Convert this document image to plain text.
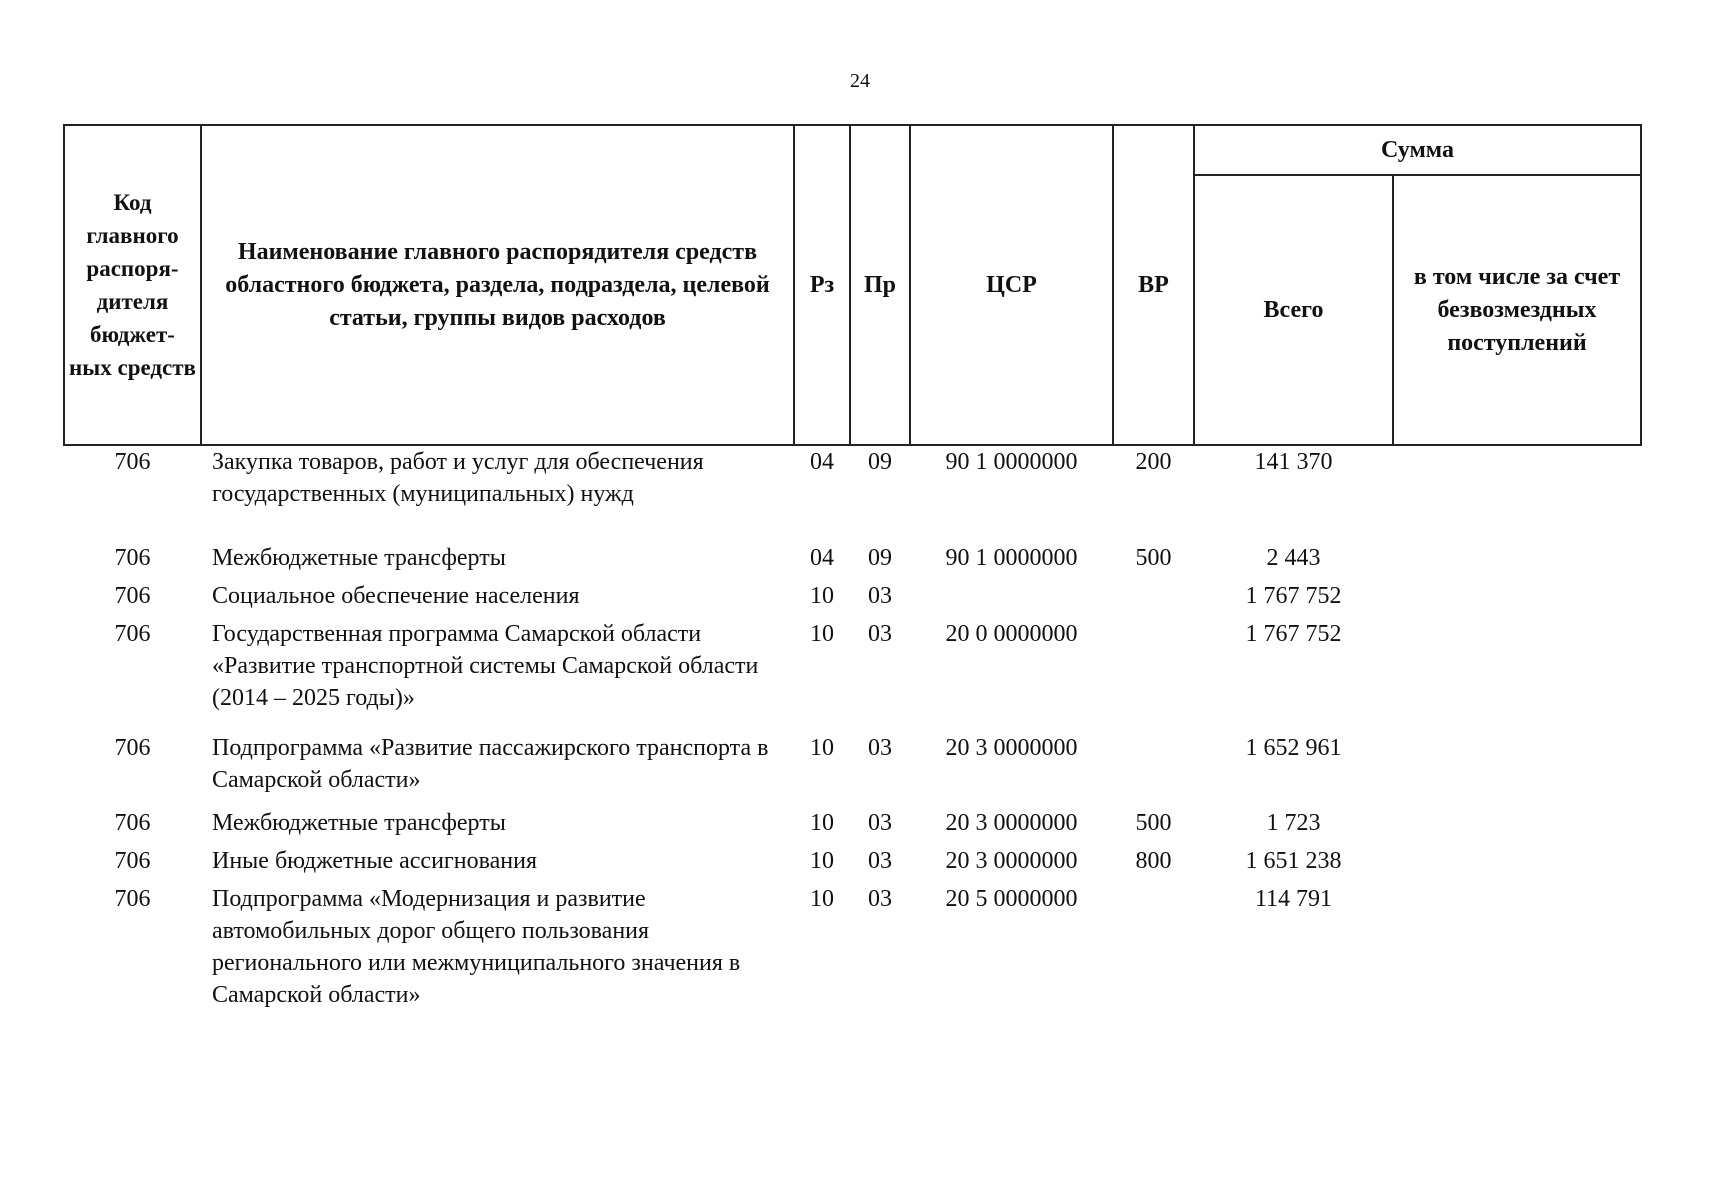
24
Код главного распоря-дителя бюджет-ных средств	Наименование главного распорядителя средств областного бюджета, раздела, подраздела, целевой статьи, группы видов расходов	Рз	Пр	ЦСР	ВР	Сумма	
						Всего	в том числе за счет безвозмездных поступлений
706	Закупка товаров, работ и услуг для обеспечения государственных (муниципальных) нужд	04	09	90 1 0000000	200	141 370	
706	Межбюджетные трансферты	04	09	90 1 0000000	500	2 443	
706	Социальное обеспечение населения	10	03			1 767 752	
706	Государственная программа Самарской области «Развитие транспортной системы Самарской области (2014 – 2025 годы)»	10	03	20 0 0000000		1 767 752	
706	Подпрограмма «Развитие пассажирского транспорта в Самарской области»	10	03	20 3 0000000		1 652 961	
706	Межбюджетные трансферты	10	03	20 3 0000000	500	1 723	
706	Иные бюджетные ассигнования	10	03	20 3 0000000	800	1 651 238	
706	Подпрограмма «Модернизация и развитие автомобильных дорог общего пользования регионального или межмуниципального значения в Самарской области»	10	03	20 5 0000000		114 791	
